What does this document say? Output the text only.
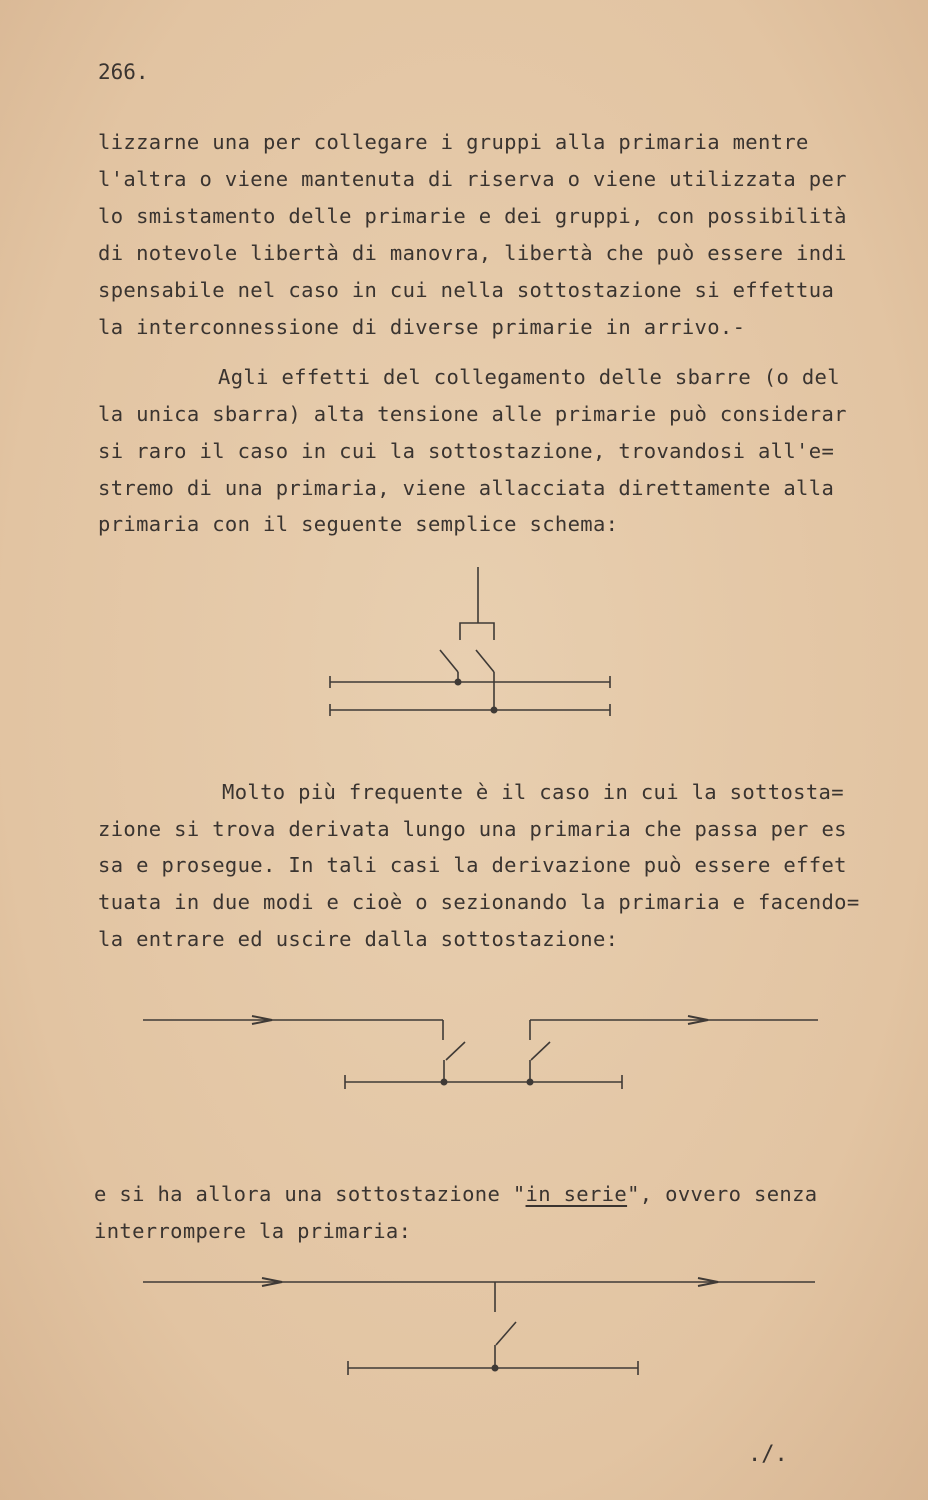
266.
lizzarne una per collegare i gruppi alla primaria mentre
l'altra o viene mantenuta di riserva o viene utilizzata per
lo smistamento delle primarie e dei gruppi, con possibilità
di notevole libertà di manovra, libertà che può essere indi
spensabile nel caso in cui nella sottostazione si effettua
la interconnessione di diverse primarie in arrivo.-
Agli effetti del collegamento delle sbarre (o del
la unica sbarra) alta tensione alle primarie può considerar
si raro il caso in cui la sottostazione, trovandosi all'e=
stremo di una primaria, viene allacciata direttamente alla
primaria con il seguente semplice schema:
Molto più frequente è il caso in cui la sottosta=
zione si trova derivata lungo una primaria che passa per es
sa e prosegue. In tali casi la derivazione può essere effet
tuata in due modi e cioè o sezionando la primaria e facendo=
la entrare ed uscire dalla sottostazione:
e si ha allora una sottostazione "in serie", ovvero senza
interrompere la primaria:
./.
